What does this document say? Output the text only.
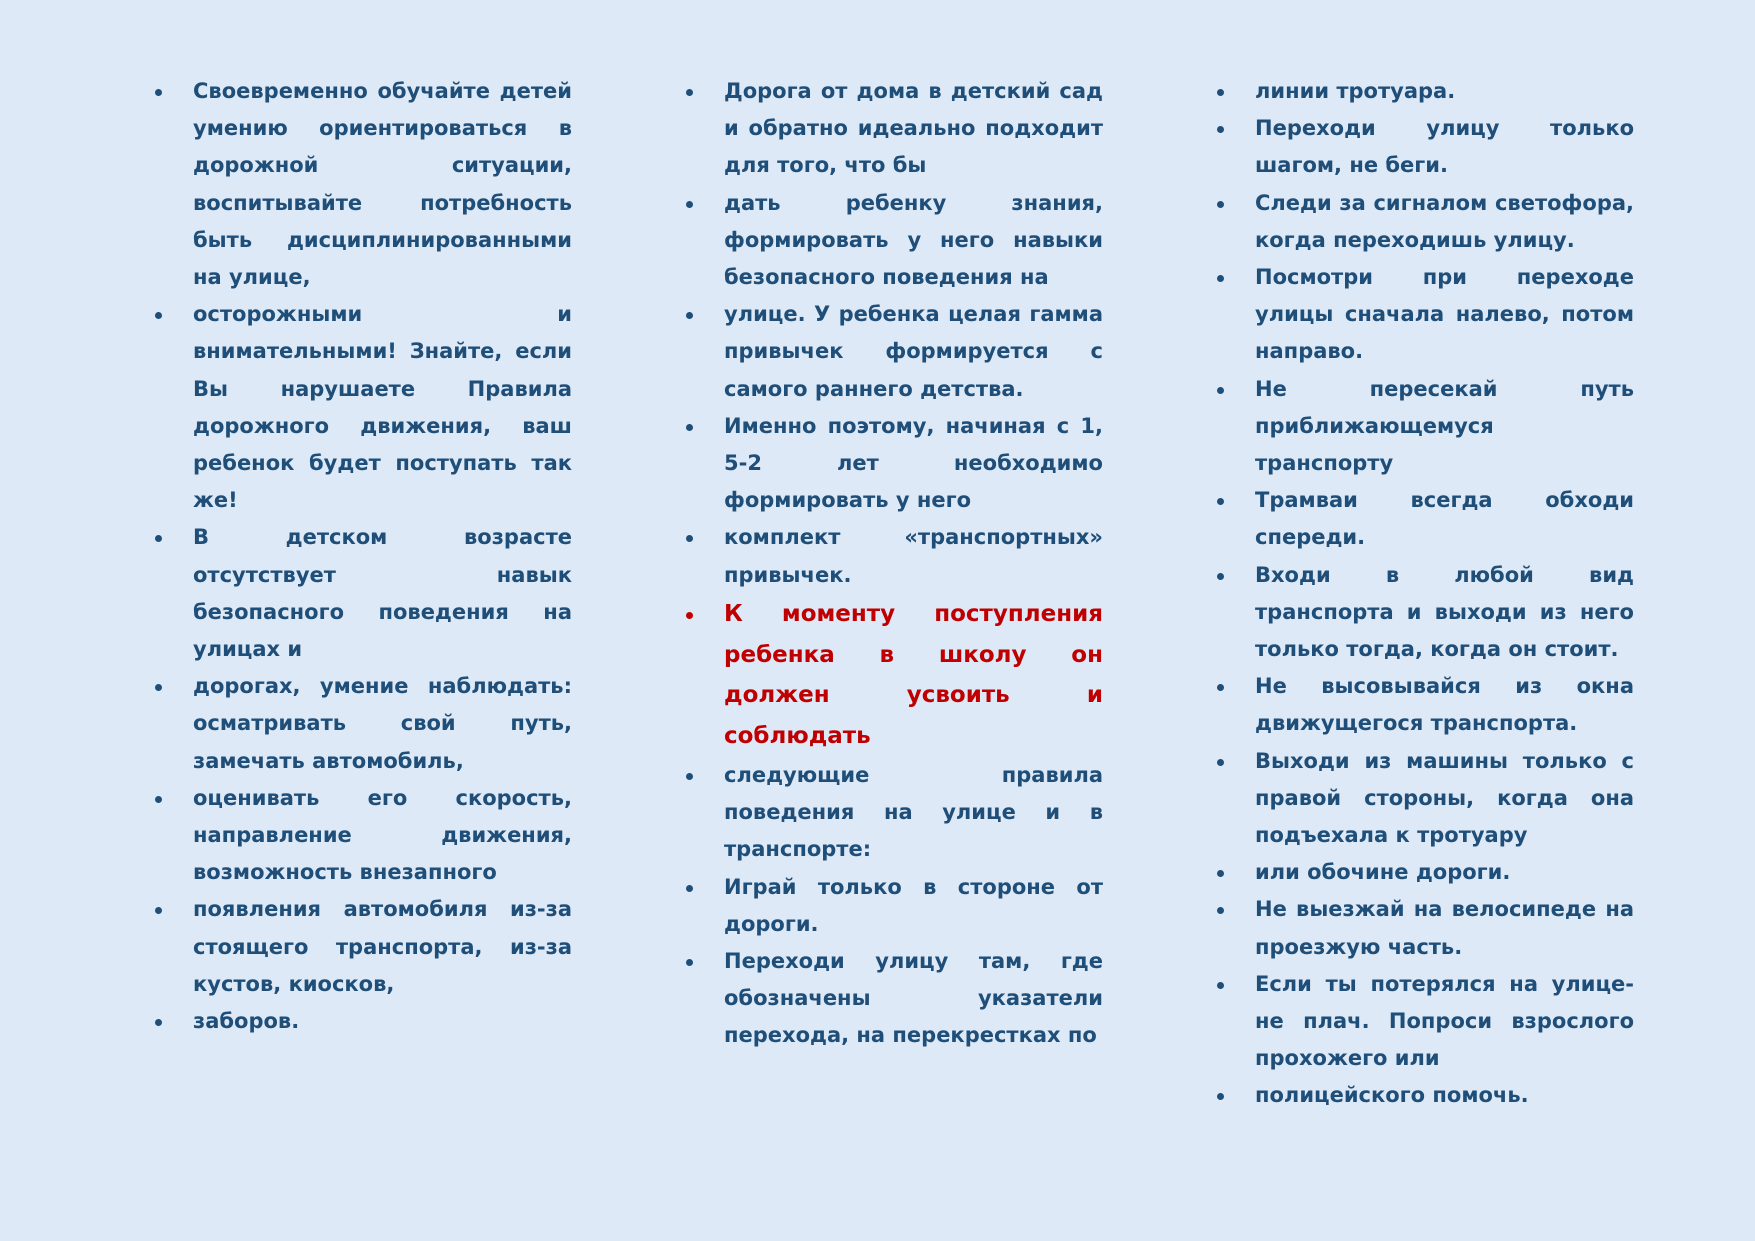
Своевременно обучайте детей умению ориентироваться в дорожной ситуации, воспитывайте потребность быть дисциплинированными на улице,
осторожными и внимательными! Знайте, если Вы нарушаете Правила дорожного движения, ваш ребенок будет поступать так же!
В детском возрасте отсутствует навык безопасного поведения на улицах и
дорогах, умение наблюдать: осматривать свой путь, замечать автомобиль,
оценивать его скорость, направление движения, возможность внезапного
появления автомобиля из-за стоящего транспорта, из-за кустов, киосков,
заборов.
Дорога от дома в детский сад и обратно идеально подходит для того, что бы
дать ребенку знания, формировать у него навыки безопасного поведения на
улице. У ребенка целая гамма привычек формируется с самого раннего детства.
Именно поэтому, начиная с 1, 5-2 лет необходимо формировать у него
комплект «транспортных» привычек.
К моменту поступления ребенка в школу он должен усвоить и соблюдать
следующие правила поведения на улице и в транспорте:
Играй только в стороне от дороги.
Переходи улицу там, где обозначены указатели перехода, на перекрестках по
линии тротуара.
Переходи улицу только шагом, не беги.
Следи за сигналом светофора, когда переходишь улицу.
Посмотри при переходе улицы сначала налево, потом направо.
Не пересекай путь приближающемуся транспорту
Трамваи всегда обходи спереди.
Входи в любой вид транспорта и выходи из него только тогда, когда он стоит.
Не высовывайся из окна движущегося транспорта.
Выходи из машины только с правой стороны, когда она подъехала к тротуару
или обочине дороги.
Не выезжай на велосипеде на проезжую часть.
Если ты потерялся на улице- не плач. Попроси взрослого прохожего или
полицейского помочь.
